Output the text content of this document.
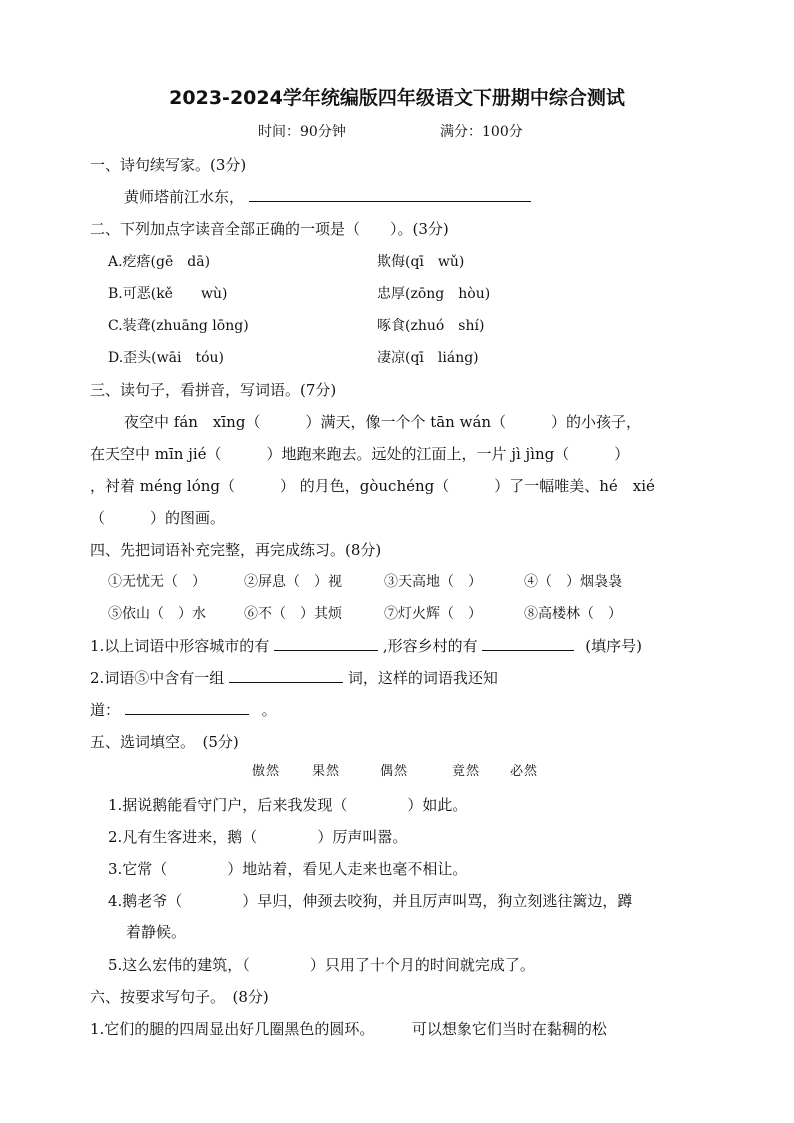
2023-2024学年统编版四年级语文下册期中综合测试
时间：90分钟	满分：100分
一、诗句续写家。(3分)
黄师塔前江水东，
二、下列加点字读音全部正确的一项是（　　）。(3分)
A.疙瘩(gē　dā)	欺侮(qī　wǔ)
B.可恶(kě　　wù)	忠厚(zōng　hòu)
C.装聋(zhuāng lōng)	啄食(zhuó　shí)
D.歪头(wāi　tóu)	凄凉(qī　liáng)
三、读句子，看拼音，写词语。(7分)
夜空中 fán　xīng（　　　）满天，像一个个 tān wán（　　　）的小孩子，
在天空中 mīn jié（　　　）地跑来跑去。远处的江面上，一片 jì jìng（　　　）
，衬着 méng lóng（　　　） 的月色，gòuchéng（　　　）了一幅唯美、hé　xié
（　　　）的图画。
四、先把词语补充完整，再完成练习。(8分)
①无忧无（　）	②屏息（　）视	③天高地（　）	④（　）烟袅袅
⑤依山（　）水	⑥不（　）其烦	⑦灯火辉（　）	⑧高楼林（　）
1.以上词语中形容城市的有	,形容乡村的有	(填序号)
2.词语⑤中含有一组	词，这样的词语我还知
道：	。
五、选词填空。　(5分)
傲然 果然	偶然	竟然 必然
1.据说鹅能看守门户，后来我发现（　　　　）如此。
2.凡有生客进来，鹅（　　　　）厉声叫嚣。
3.它常（　　　　）地站着，看见人走来也毫不相让。
4.鹅老爷（　　　　）早归，伸颈去咬狗，并且厉声叫骂，狗立刻逃往篱边，蹲
着静候。
5.这么宏伟的建筑，（　　　　）只用了十个月的时间就完成了。
六、按要求写句子。　(8分)
1.它们的腿的四周显出好几圈黑色的圆环。　　　可以想象它们当时在黏稠的松
